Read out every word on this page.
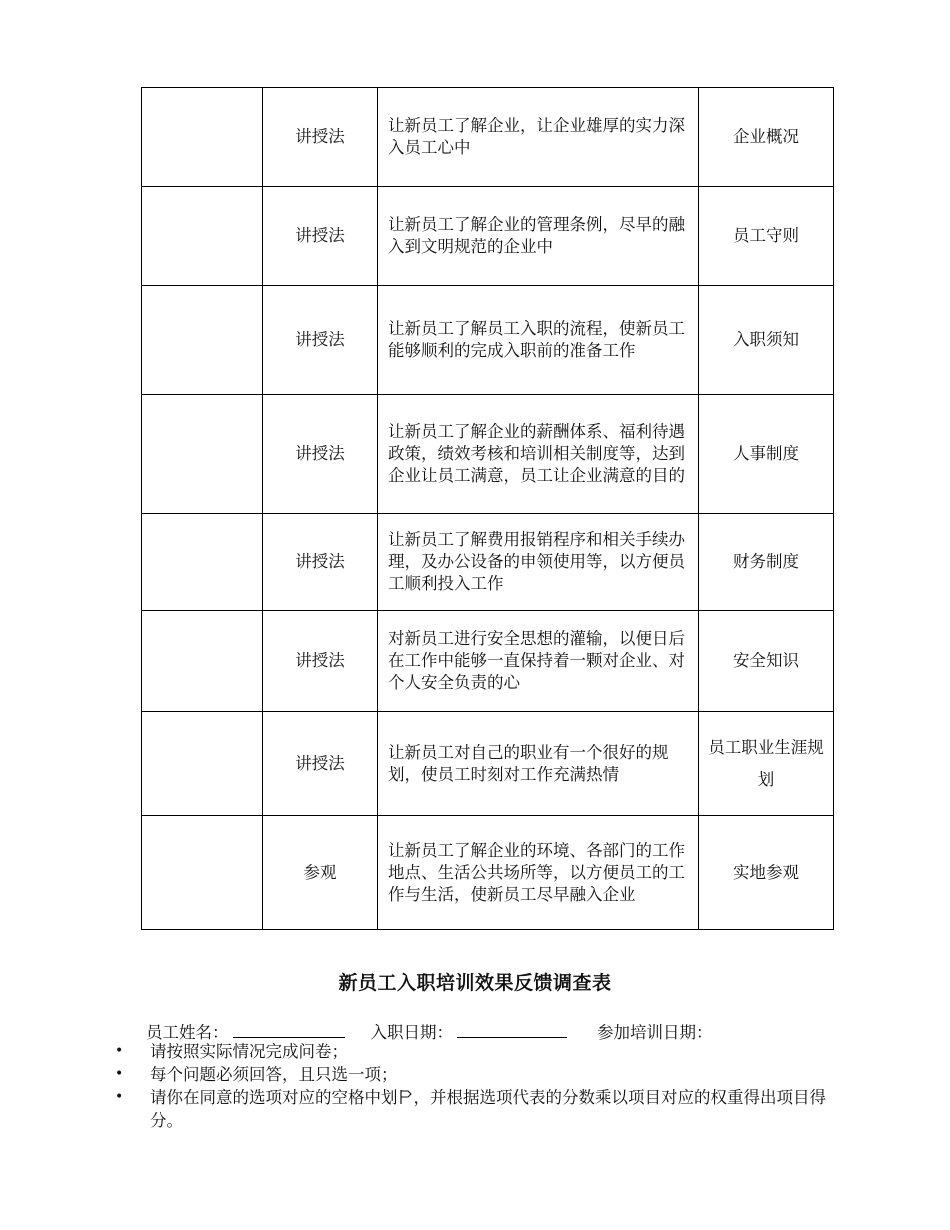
	讲授法	让新员工了解企业，让企业雄厚的实力深入员工心中	企业概况
	讲授法	让新员工了解企业的管理条例，尽早的融入到文明规范的企业中	员工守则
	讲授法	让新员工了解员工入职的流程，使新员工能够顺利的完成入职前的准备工作	入职须知
	讲授法	让新员工了解企业的薪酬体系、福利待遇政策，绩效考核和培训相关制度等，达到企业让员工满意，员工让企业满意的目的	人事制度
	讲授法	让新员工了解费用报销程序和相关手续办理，及办公设备的申领使用等，以方便员工顺利投入工作	财务制度
	讲授法	对新员工进行安全思想的灌输，以便日后在工作中能够一直保持着一颗对企业、对个人安全负责的心	安全知识
	讲授法	让新员工对自己的职业有一个很好的规划，使员工时刻对工作充满热情	员工职业生涯规划
	参观	让新员工了解企业的环境、各部门的工作地点、生活公共场所等，以方便员工的工作与生活，使新员工尽早融入企业	实地参观
新员工入职培训效果反馈调查表
员工姓名：	入职日期：	参加培训日期：
• 请按照实际情况完成问卷；
• 每个问题必须回答，且只选一项；
• 请你在同意的选项对应的空格中划 ，并根据选项代表的分数乘以项目对应的权重得出项目得分。
